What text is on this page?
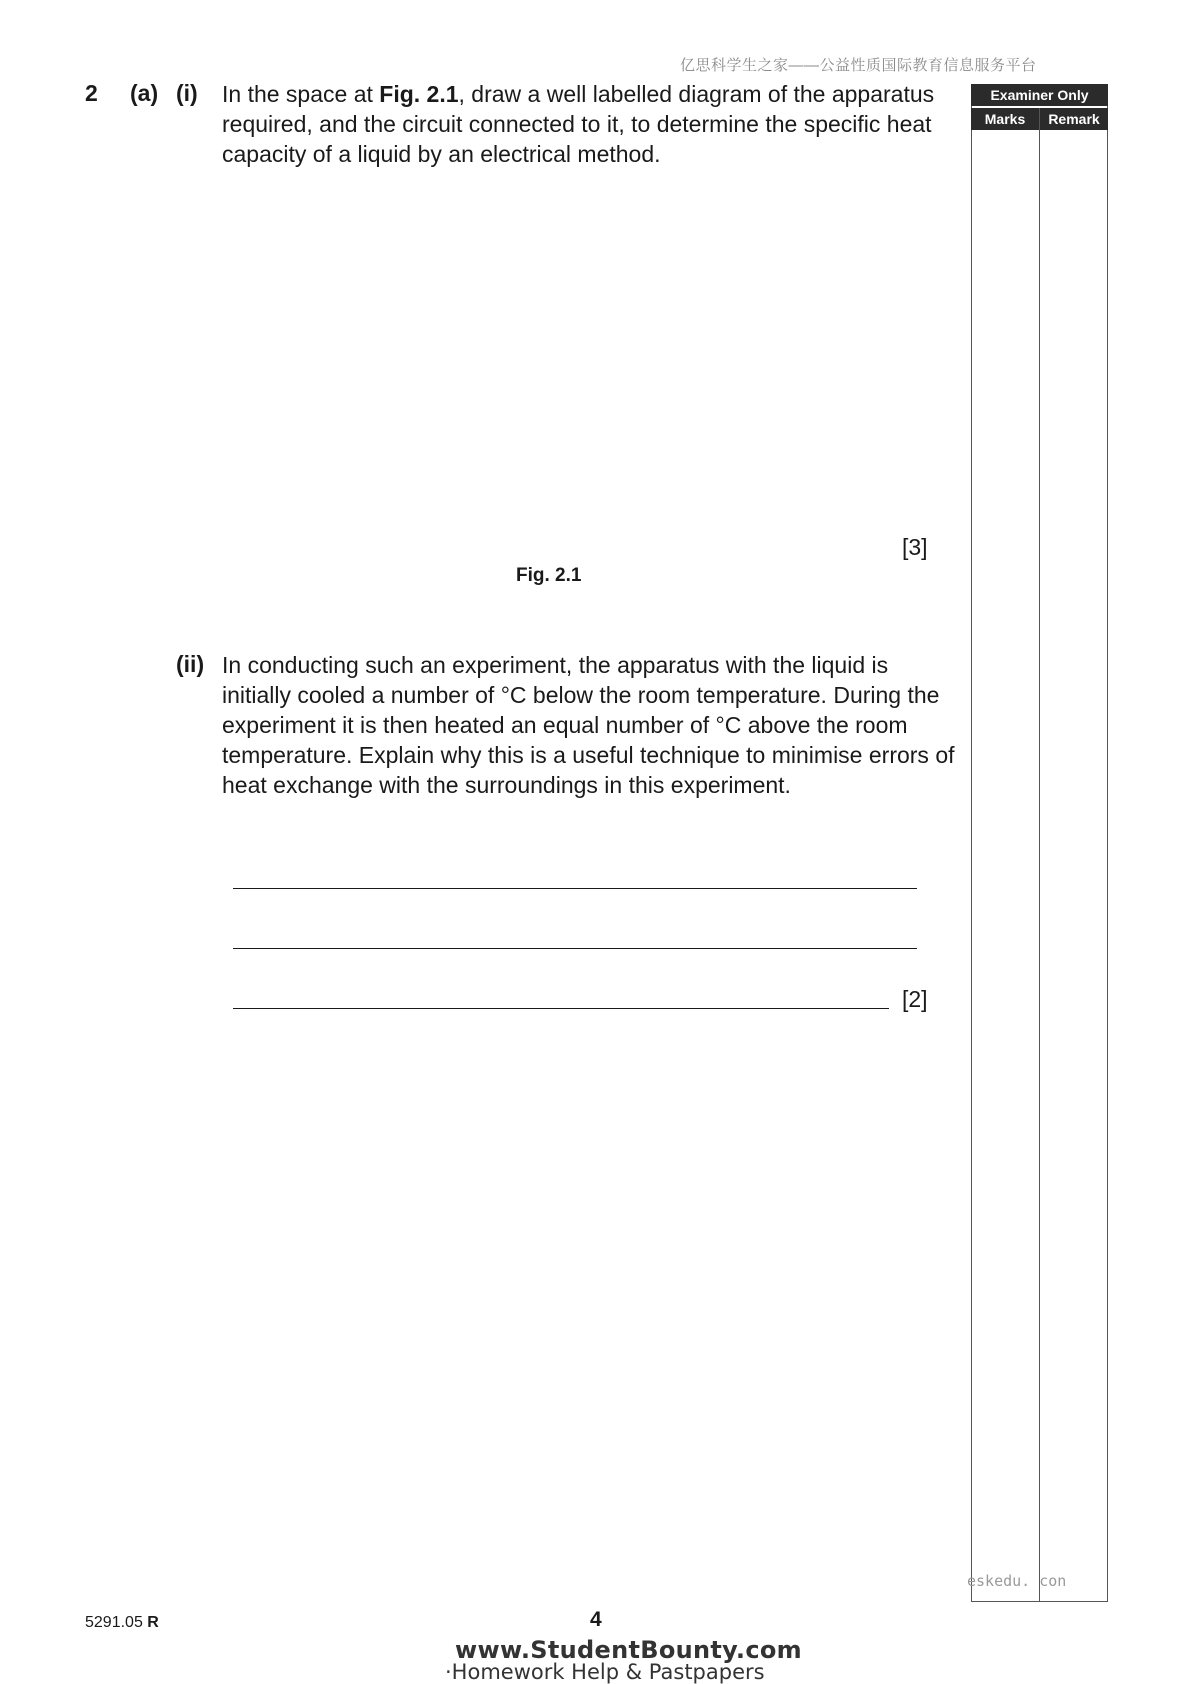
亿思科学生之家——公益性质国际教育信息服务平台
2 (a) (i) In the space at Fig. 2.1, draw a well labelled diagram of the apparatus required, and the circuit connected to it, to determine the specific heat capacity of a liquid by an electrical method.
[3]
Fig. 2.1
(ii) In conducting such an experiment, the apparatus with the liquid is initially cooled a number of °C below the room temperature. During the experiment it is then heated an equal number of °C above the room temperature. Explain why this is a useful technique to minimise errors of heat exchange with the surroundings in this experiment.
[2]
Examiner Only
Marks	Remark
eskedu. con
5291.05 R	4
www.StudentBounty.com
·Homework Help & Pastpapers
